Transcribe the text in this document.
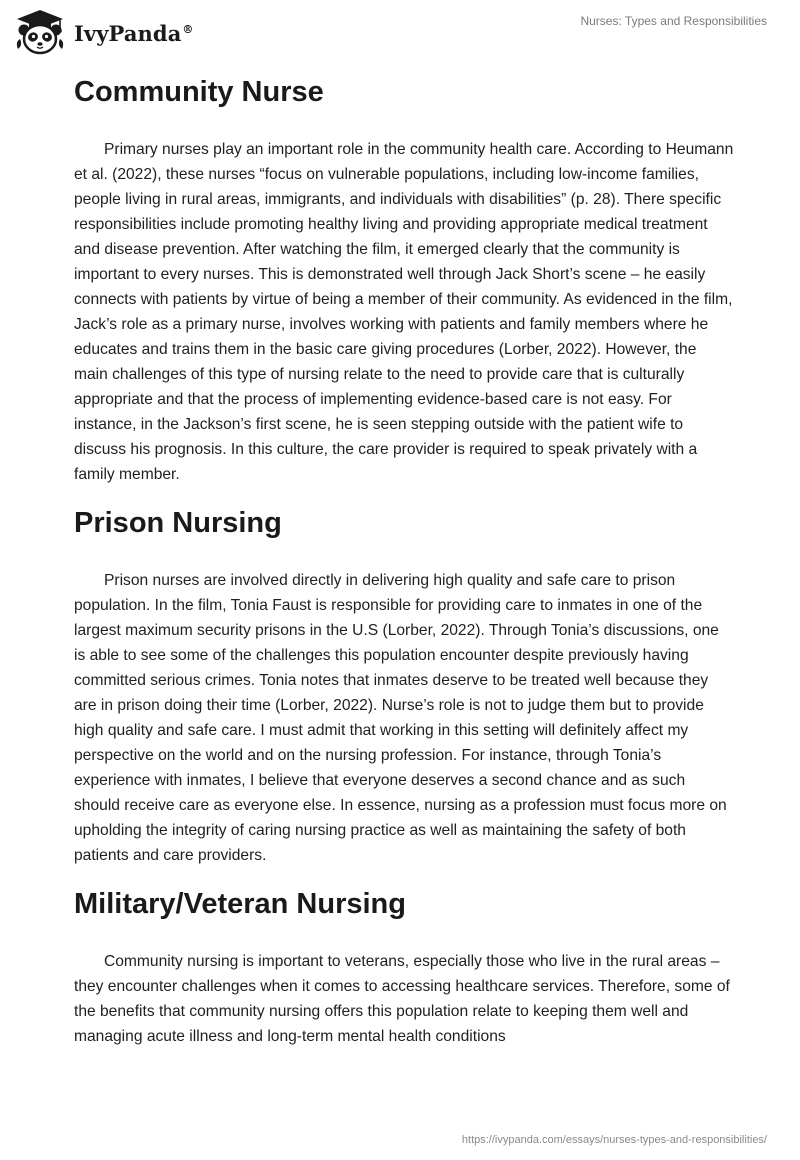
IvyPanda®
Nurses: Types and Responsibilities
Community Nurse

Primary nurses play an important role in the community health care. According to Heumann et al. (2022), these nurses “focus on vulnerable populations, including low-income families, people living in rural areas, immigrants, and individuals with disabilities” (p. 28). There specific responsibilities include promoting healthy living and providing appropriate medical treatment and disease prevention. After watching the film, it emerged clearly that the community is important to every nurses. This is demonstrated well through Jack Short’s scene – he easily connects with patients by virtue of being a member of their community. As evidenced in the film, Jack’s role as a primary nurse, involves working with patients and family members where he educates and trains them in the basic care giving procedures (Lorber, 2022). However, the main challenges of this type of nursing relate to the need to provide care that is culturally appropriate and that the process of implementing evidence-based care is not easy. For instance, in the Jackson’s first scene, he is seen stepping outside with the patient wife to discuss his prognosis. In this culture, the care provider is required to speak privately with a family member.

Prison Nursing

Prison nurses are involved directly in delivering high quality and safe care to prison population. In the film, Tonia Faust is responsible for providing care to inmates in one of the largest maximum security prisons in the U.S (Lorber, 2022). Through Tonia’s discussions, one is able to see some of the challenges this population encounter despite previously having committed serious crimes. Tonia notes that inmates deserve to be treated well because they are in prison doing their time (Lorber, 2022). Nurse’s role is not to judge them but to provide high quality and safe care. I must admit that working in this setting will definitely affect my perspective on the world and on the nursing profession. For instance, through Tonia’s experience with inmates, I believe that everyone deserves a second chance and as such should receive care as everyone else. In essence, nursing as a profession must focus more on upholding the integrity of caring nursing practice as well as maintaining the safety of both patients and care providers.

Military/Veteran Nursing

Community nursing is important to veterans, especially those who live in the rural areas – they encounter challenges when it comes to accessing healthcare services. Therefore, some of the benefits that community nursing offers this population relate to keeping them well and managing acute illness and long-term mental health conditions

https://ivypanda.com/essays/nurses-types-and-responsibilities/
